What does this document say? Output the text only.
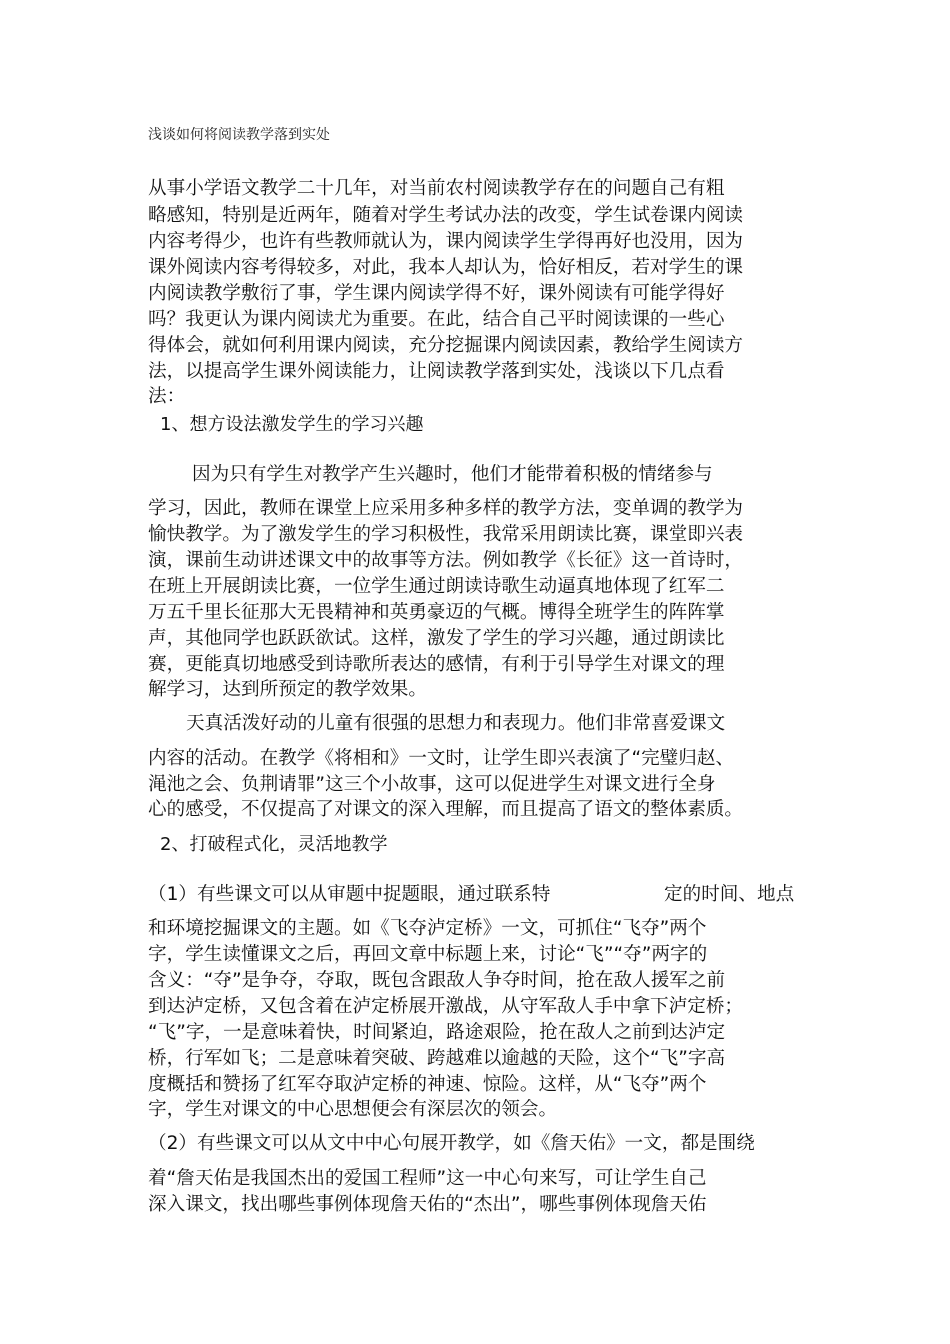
浅谈如何将阅读教学落到实处
从事小学语文教学二十几年，对当前农村阅读教学存在的问题自己有粗
略感知，特别是近两年，随着对学生考试办法的改变，学生试卷课内阅读
内容考得少，也许有些教师就认为，课内阅读学生学得再好也没用，因为
课外阅读内容考得较多，对此，我本人却认为，恰好相反，若对学生的课
内阅读教学敷衍了事，学生课内阅读学得不好，课外阅读有可能学得好
吗？我更认为课内阅读尤为重要。在此，结合自己平时阅读课的一些心
得体会，就如何利用课内阅读，充分挖掘课内阅读因素，教给学生阅读方
法，以提高学生课外阅读能力，让阅读教学落到实处，浅谈以下几点看
法：
1、想方设法激发学生的学习兴趣
因为只有学生对教学产生兴趣时，他们才能带着积极的情绪参与
学习，因此，教师在课堂上应采用多种多样的教学方法，变单调的教学为
愉快教学。为了激发学生的学习积极性，我常采用朗读比赛，课堂即兴表
演，课前生动讲述课文中的故事等方法。例如教学《长征》这一首诗时，
在班上开展朗读比赛，一位学生通过朗读诗歌生动逼真地体现了红军二
万五千里长征那大无畏精神和英勇豪迈的气概。博得全班学生的阵阵掌
声，其他同学也跃跃欲试。这样，激发了学生的学习兴趣，通过朗读比
赛，更能真切地感受到诗歌所表达的感情，有利于引导学生对课文的理
解学习，达到所预定的教学效果。
天真活泼好动的儿童有很强的思想力和表现力。他们非常喜爱课文
内容的活动。在教学《将相和》一文时，让学生即兴表演了“完璧归赵、
渑池之会、负荆请罪”这三个小故事，这可以促进学生对课文进行全身
心的感受，不仅提高了对课文的深入理解，而且提高了语文的整体素质。
2、打破程式化，灵活地教学
（1）有些课文可以从审题中捉题眼，通过联系特	定的时间、地点
和环境挖掘课文的主题。如《飞夺泸定桥》一文，可抓住“飞夺”两个
字，学生读懂课文之后，再回文章中标题上来，讨论“飞”“夺”两字的
含义：“夺”是争夺，夺取，既包含跟敌人争夺时间，抢在敌人援军之前
到达泸定桥，又包含着在泸定桥展开激战，从守军敌人手中拿下泸定桥；
“飞”字，一是意味着快，时间紧迫，路途艰险，抢在敌人之前到达泸定
桥，行军如飞；二是意味着突破、跨越难以逾越的天险，这个“飞”字高
度概括和赞扬了红军夺取泸定桥的神速、惊险。这样，从“飞夺”两个
字，学生对课文的中心思想便会有深层次的领会。
（2）有些课文可以从文中中心句展开教学，如《詹天佑》一文，都是围绕
着“詹天佑是我国杰出的爱国工程师”这一中心句来写，可让学生自己
深入课文，找出哪些事例体现詹天佑的“杰出”，哪些事例体现詹天佑
